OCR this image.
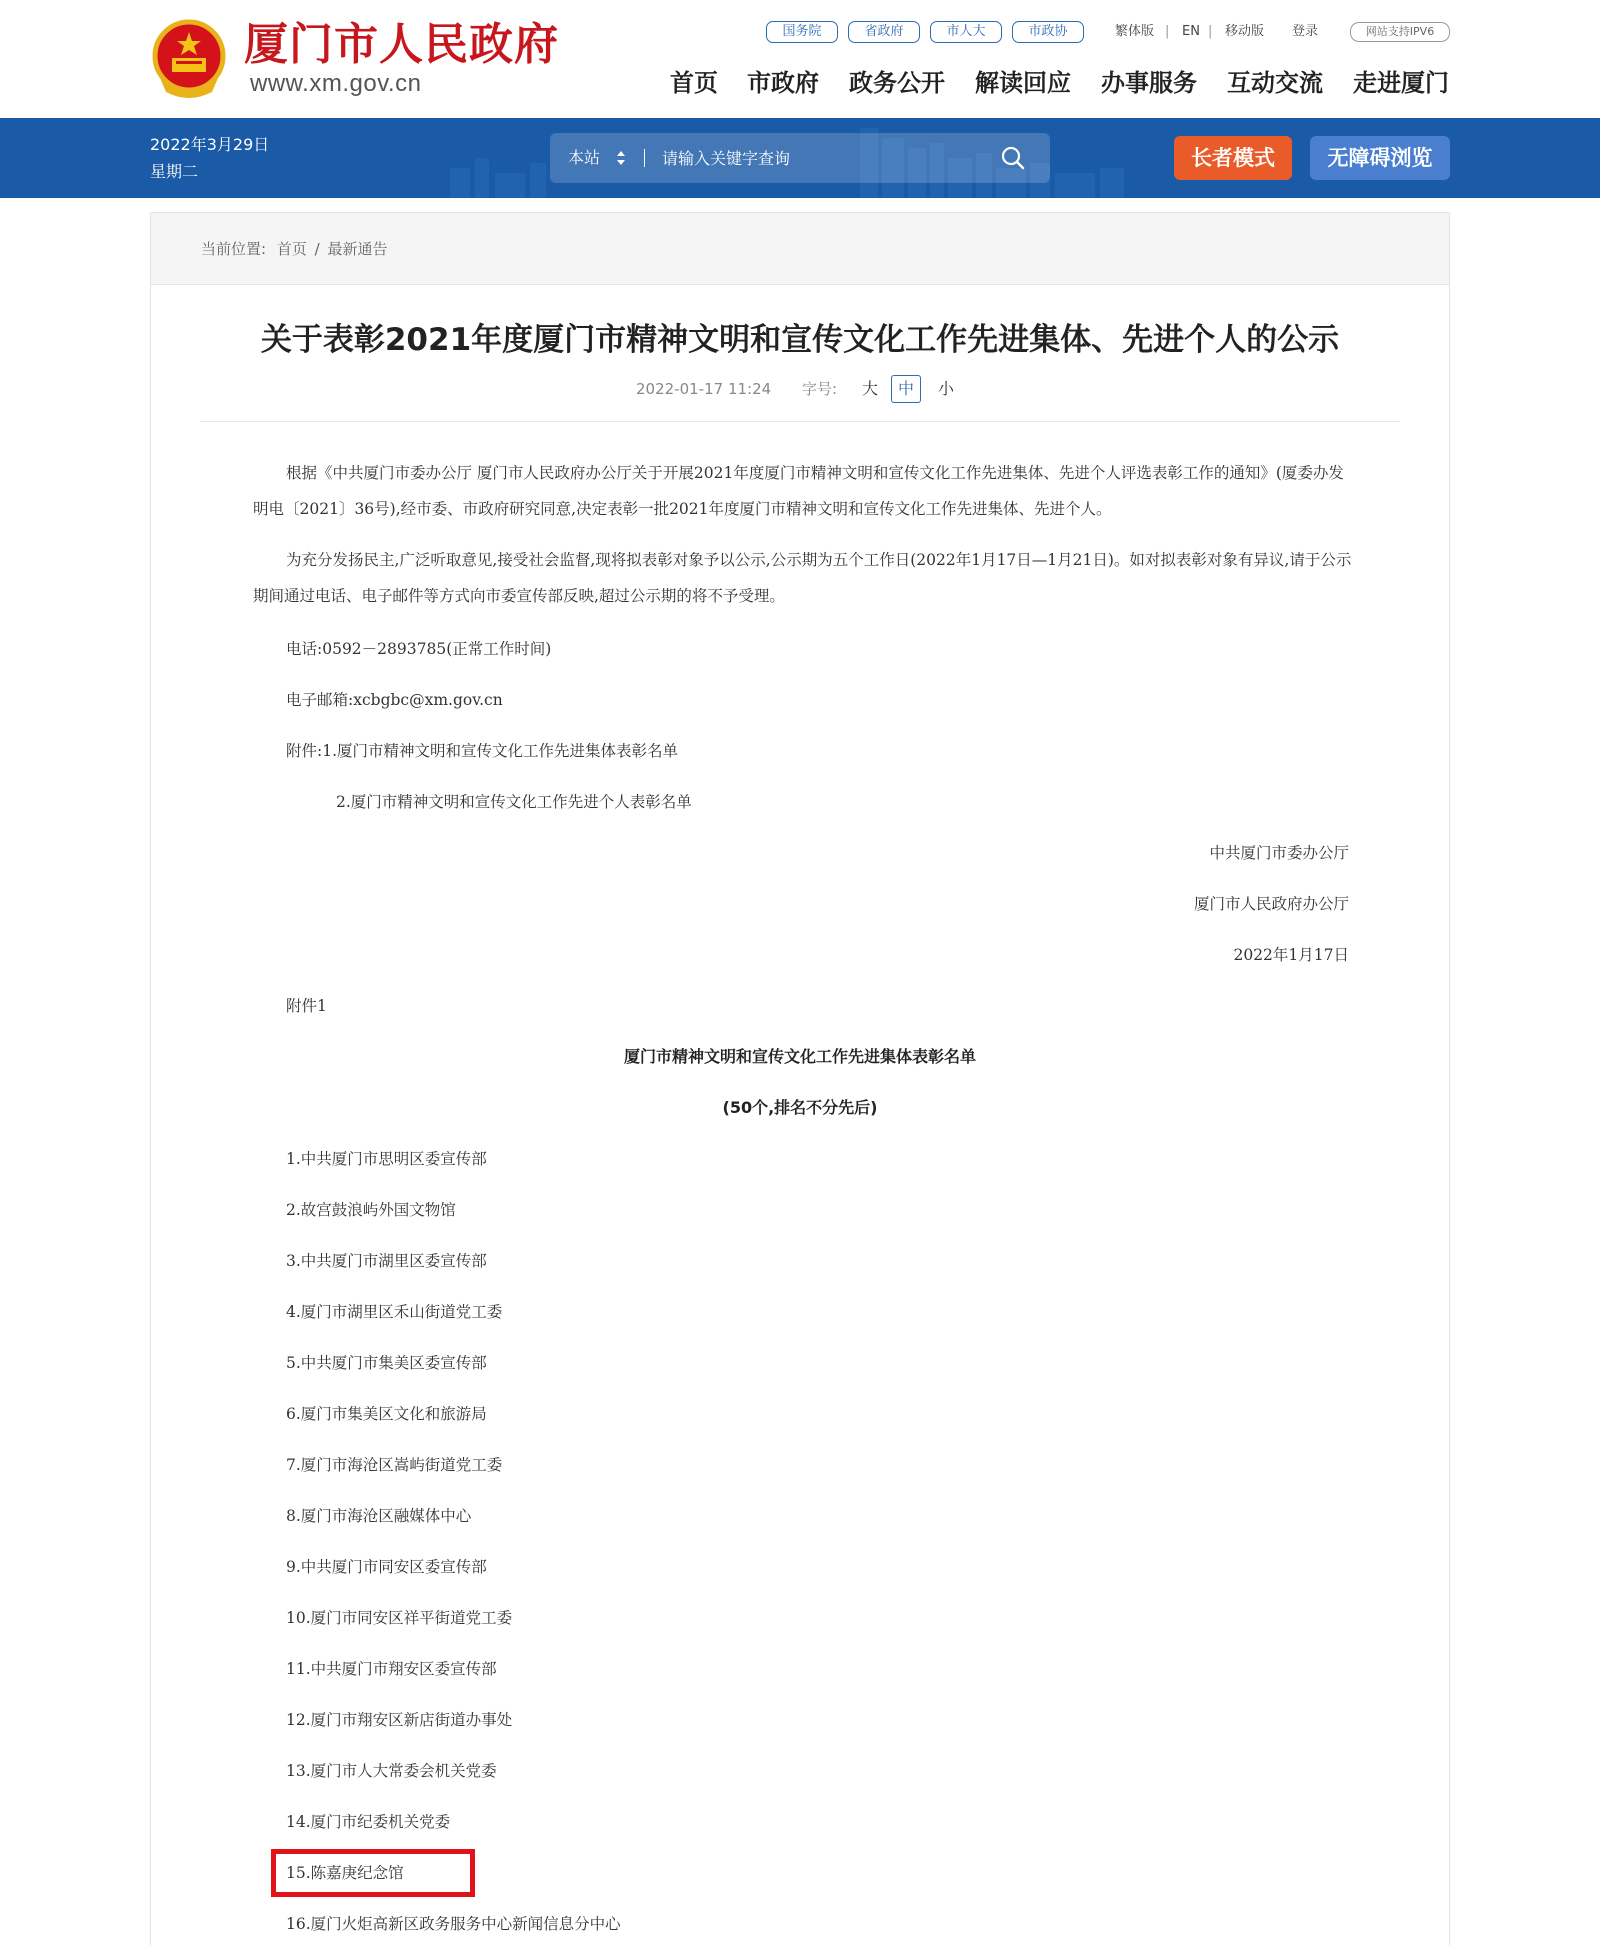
厦门市人民政府
www.xm.gov.cn
国务院	省政府	市人大	市政协	繁体版 | EN | 移动版 登录	网站支持IPV6
首页 市政府 政务公开 解读回应 办事服务 互动交流 走进厦门
2022年3月29日
星期二
本站
请输入关键字查询	长者模式	无障碍浏览
当前位置: 首页 / 最新通告
关于表彰2021年度厦门市精神文明和宣传文化工作先进集体、先进个人的公示
2022-01-17 11:24 字号:	大	中	小
根据《中共厦门市委办公厅 厦门市人民政府办公厅关于开展2021年度厦门市精神文明和宣传文化工作先进集体、先进个人评选表彰工作的通知》(厦委办发明电〔2021〕36号),经市委、市政府研究同意,决定表彰一批2021年度厦门市精神文明和宣传文化工作先进集体、先进个人。
为充分发扬民主,广泛听取意见,接受社会监督,现将拟表彰对象予以公示,公示期为五个工作日(2022年1月17日—1月21日)。如对拟表彰对象有异议,请于公示期间通过电话、电子邮件等方式向市委宣传部反映,超过公示期的将不予受理。
电话:0592－2893785(正常工作时间)
电子邮箱:xcbgbc@xm.gov.cn
附件:1.厦门市精神文明和宣传文化工作先进集体表彰名单
2.厦门市精神文明和宣传文化工作先进个人表彰名单
中共厦门市委办公厅
厦门市人民政府办公厅
2022年1月17日
附件1
厦门市精神文明和宣传文化工作先进集体表彰名单
(50个,排名不分先后)
1.中共厦门市思明区委宣传部
2.故宫鼓浪屿外国文物馆
3.中共厦门市湖里区委宣传部
4.厦门市湖里区禾山街道党工委
5.中共厦门市集美区委宣传部
6.厦门市集美区文化和旅游局
7.厦门市海沧区嵩屿街道党工委
8.厦门市海沧区融媒体中心
9.中共厦门市同安区委宣传部
10.厦门市同安区祥平街道党工委
11.中共厦门市翔安区委宣传部
12.厦门市翔安区新店街道办事处
13.厦门市人大常委会机关党委
14.厦门市纪委机关党委
15.陈嘉庚纪念馆
16.厦门火炬高新区政务服务中心新闻信息分中心
